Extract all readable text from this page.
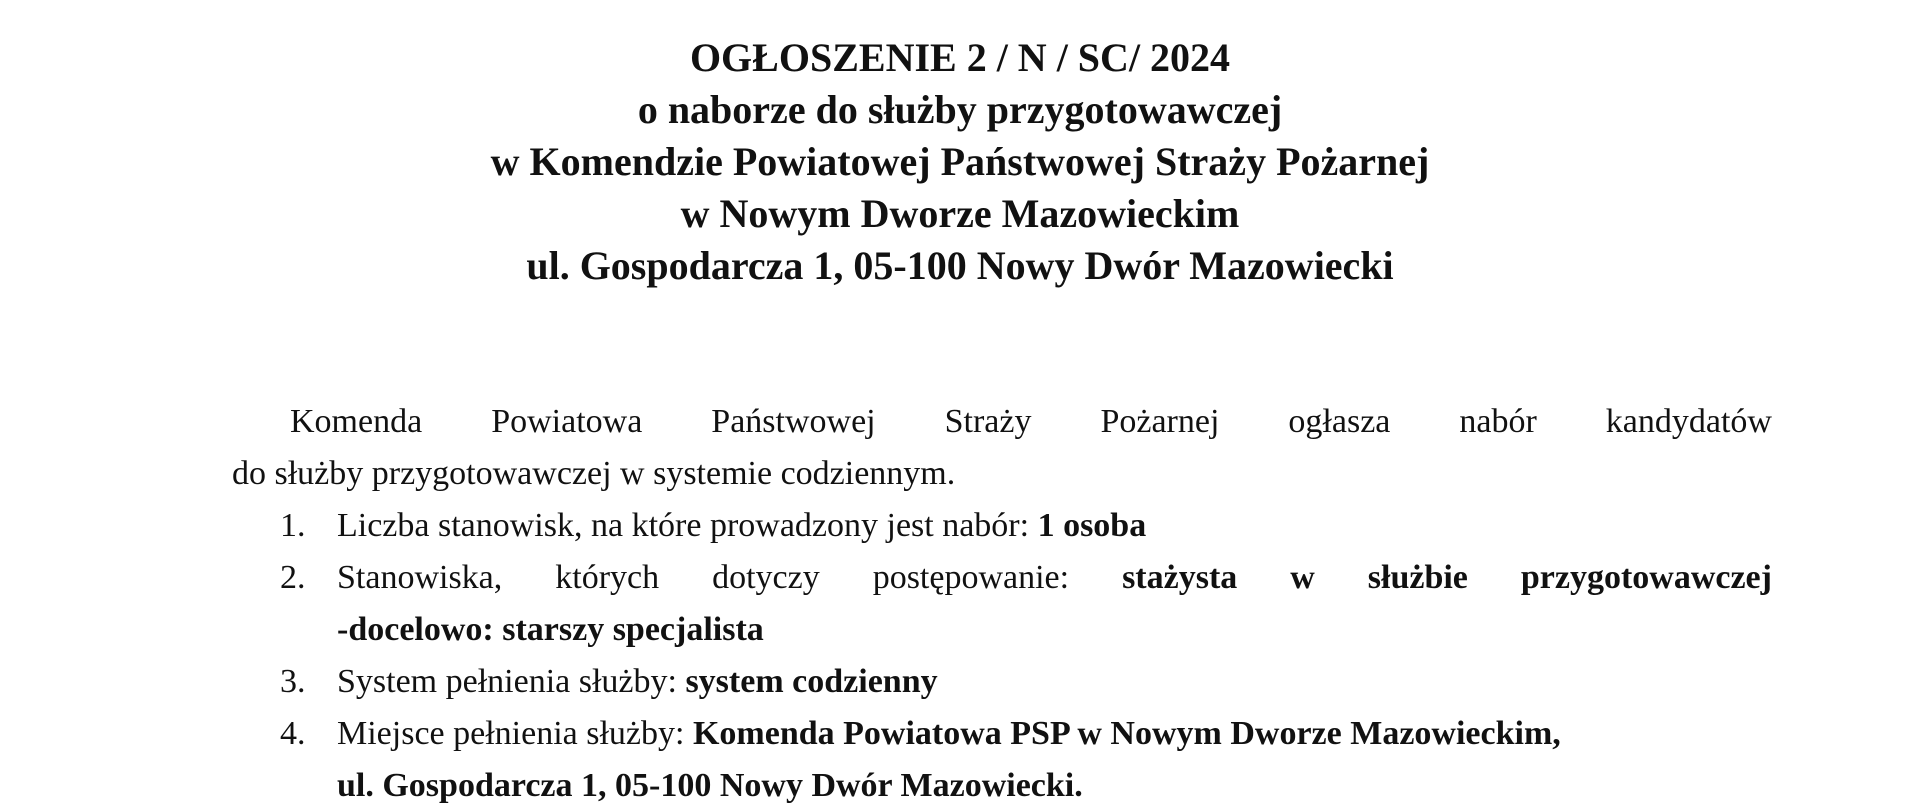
OGŁOSZENIE 2 / N / SC/ 2024
o naborze do służby przygotowawczej
w Komendzie Powiatowej Państwowej Straży Pożarnej
w Nowym Dworze Mazowieckim
ul. Gospodarcza 1, 05-100 Nowy Dwór Mazowiecki
Komenda Powiatowa Państwowej Straży Pożarnej ogłasza nabór kandydatów
do służby przygotowawczej w systemie codziennym.
1. Liczba stanowisk, na które prowadzony jest nabór: 1 osoba
2. Stanowiska, których dotyczy postępowanie: stażysta w służbie przygotowawczej
-docelowo: starszy specjalista
3. System pełnienia służby: system codzienny
4. Miejsce pełnienia służby: Komenda Powiatowa PSP w Nowym Dworze Mazowieckim,
ul. Gospodarcza 1, 05-100 Nowy Dwór Mazowiecki.
